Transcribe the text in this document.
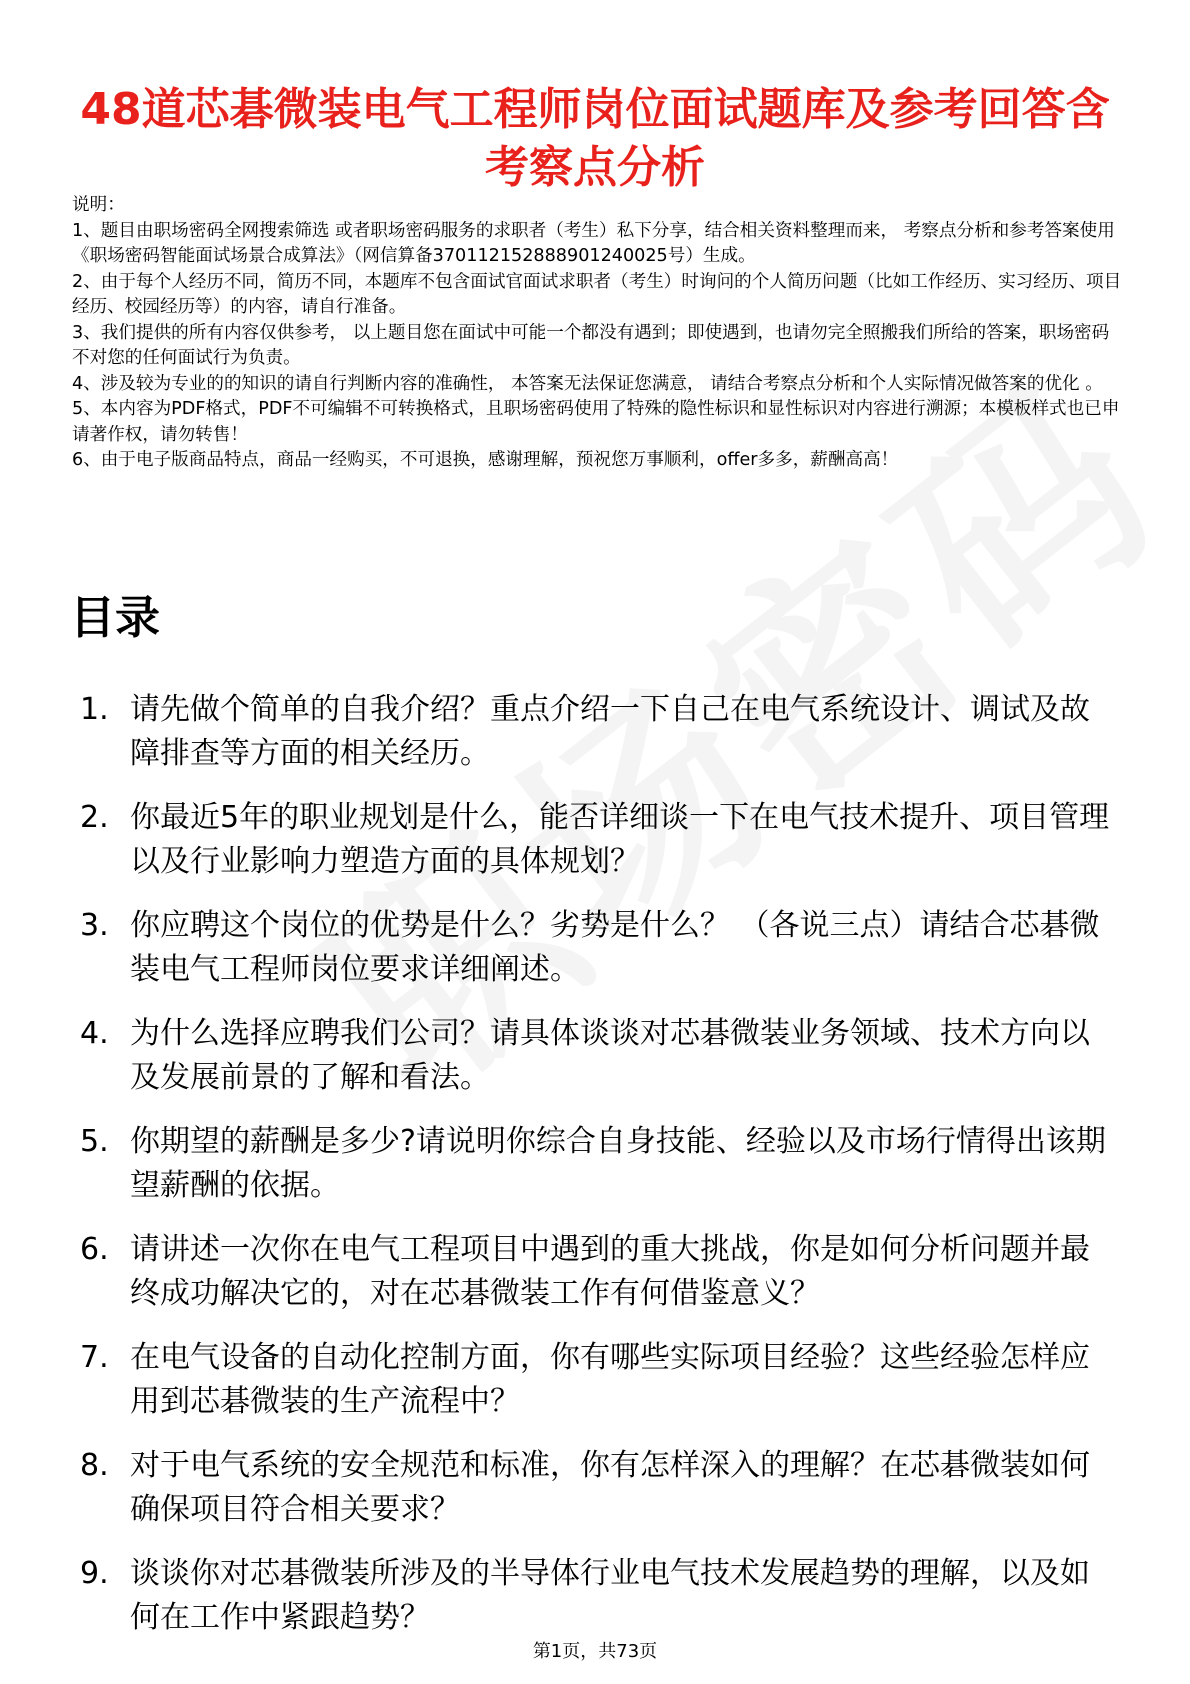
48道芯碁微装电气工程师岗位面试题库及参考回答含考察点分析
说明：
1、题目由职场密码全网搜索筛选 或者职场密码服务的求职者（考生）私下分享，结合相关资料整理而来， 考察点分析和参考答案使用《职场密码智能面试场景合成算法》（网信算备370112152888901240025号）生成。
2、由于每个人经历不同，简历不同，本题库不包含面试官面试求职者（考生）时询问的个人简历问题（比如工作经历、实习经历、项目经历、校园经历等）的内容，请自行准备。
3、我们提供的所有内容仅供参考， 以上题目您在面试中可能一个都没有遇到；即使遇到，也请勿完全照搬我们所给的答案，职场密码不对您的任何面试行为负责。
4、涉及较为专业的的知识的请自行判断内容的准确性， 本答案无法保证您满意， 请结合考察点分析和个人实际情况做答案的优化 。
5、本内容为PDF格式，PDF不可编辑不可转换格式，且职场密码使用了特殊的隐性标识和显性标识对内容进行溯源；本模板样式也已申请著作权，请勿转售！
6、由于电子版商品特点，商品一经购买，不可退换，感谢理解，预祝您万事顺利，offer多多，薪酬高高！
目录
1. 请先做个简单的自我介绍？重点介绍一下自己在电气系统设计、调试及故障排查等方面的相关经历。
2. 你最近5年的职业规划是什么，能否详细谈一下在电气技术提升、项目管理以及行业影响力塑造方面的具体规划？
3. 你应聘这个岗位的优势是什么？劣势是什么？ （各说三点）请结合芯碁微装电气工程师岗位要求详细阐述。
4. 为什么选择应聘我们公司？请具体谈谈对芯碁微装业务领域、技术方向以及发展前景的了解和看法。
5. 你期望的薪酬是多少?请说明你综合自身技能、经验以及市场行情得出该期望薪酬的依据。
6. 请讲述一次你在电气工程项目中遇到的重大挑战，你是如何分析问题并最终成功解决它的，对在芯碁微装工作有何借鉴意义？
7. 在电气设备的自动化控制方面，你有哪些实际项目经验？这些经验怎样应用到芯碁微装的生产流程中？
8. 对于电气系统的安全规范和标准，你有怎样深入的理解？在芯碁微装如何确保项目符合相关要求？
9. 谈谈你对芯碁微装所涉及的半导体行业电气技术发展趋势的理解，以及如何在工作中紧跟趋势？
第1页，共73页
